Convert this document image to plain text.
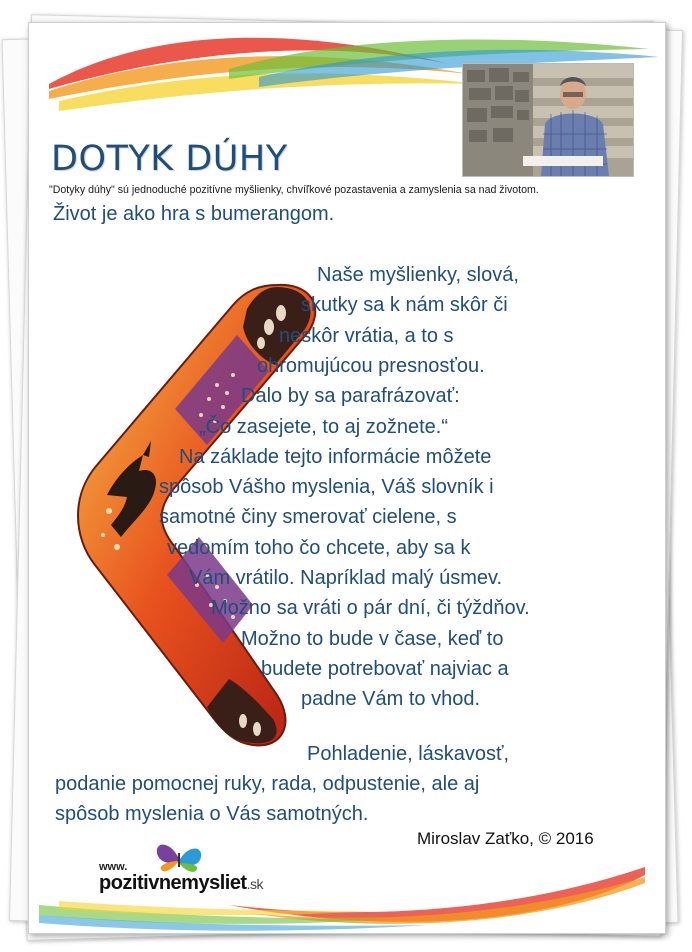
DOTYK DÚHY
"Dotyky dúhy" sú jednoduché pozitívne myšlienky, chvíľkové pozastavenia a zamyslenia sa nad životom.
Život je ako hra s bumerangom.
Naše myšlienky, slová,
skutky sa k nám skôr či
neskôr vrátia, a to s
ohromujúcou presnosťou.
Dalo by sa parafrázovať:
„Čo zasejete, to aj zožnete.“
Na základe tejto informácie môžete
spôsob Vášho myslenia, Váš slovník i
samotné činy smerovať cielene, s
vedomím toho čo chcete, aby sa k
Vám vrátilo. Napríklad malý úsmev.
Možno sa vráti o pár dní, či týždňov.
Možno to bude v čase, keď to
budete potrebovať najviac a
padne Vám to vhod.
Pohladenie, láskavosť,
podanie pomocnej ruky, rada, odpustenie, ale aj
spôsob myslenia o Vás samotných.
Miroslav Zaťko, © 2016
www.
pozitivnemysliet.sk
